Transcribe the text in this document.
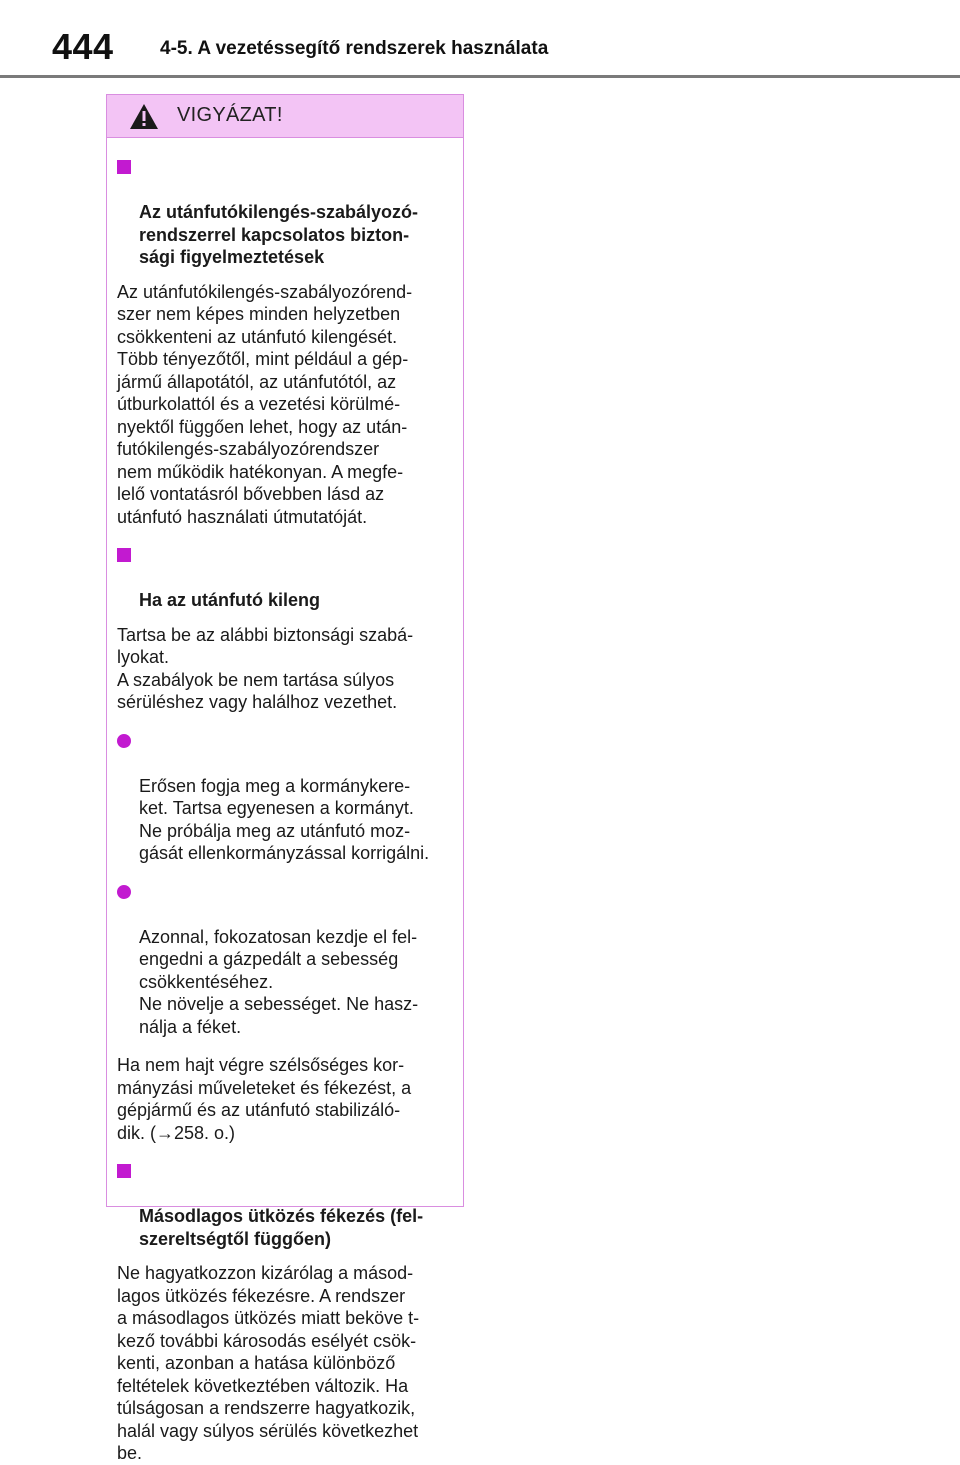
444 4-5. A vezetéssegítő rendszerek használata
VIGYÁZAT!

Az utánfutókilengés-szabályozó-
rendszerrel kapcsolatos bizton-
sági figyelmeztetések

Az utánfutókilengés-szabályozórend-
szer nem képes minden helyzetben
csökkenteni az utánfutó kilengését.
Több tényezőtől, mint például a gép-
jármű állapotától, az utánfutótól, az
útburkolattól és a vezetési körülmé-
nyektől függően lehet, hogy az után-
futókilengés-szabályozórendszer
nem működik hatékonyan. A megfe-
lelő vontatásról bővebben lásd az
utánfutó használati útmutatóját.

Ha az utánfutó kileng

Tartsa be az alábbi biztonsági szabá-
lyokat.
A szabályok be nem tartása súlyos
sérüléshez vagy halálhoz vezethet.

Erősen fogja meg a kormánykere-
ket. Tartsa egyenesen a kormányt.
Ne próbálja meg az utánfutó moz-
gását ellenkormányzással korrigálni.

Azonnal, fokozatosan kezdje el fel-
engedni a gázpedált a sebesség
csökkentéséhez.
Ne növelje a sebességet. Ne hasz-
nálja a féket.

Ha nem hajt végre szélsőséges kor-
mányzási műveleteket és fékezést, a
gépjármű és az utánfutó stabilizáló-
dik. (→258. o.)

Másodlagos ütközés fékezés (fel-
szereltségtől függően)

Ne hagyatkozzon kizárólag a másod-
lagos ütközés fékezésre. A rendszer
a másodlagos ütközés miatt beköve t-
kező további károsodás esélyét csök-
kenti, azonban a hatása különböző
feltételek következtében változik. Ha
túlságosan a rendszerre hagyatkozik,
halál vagy súlyos sérülés következhet
be.
